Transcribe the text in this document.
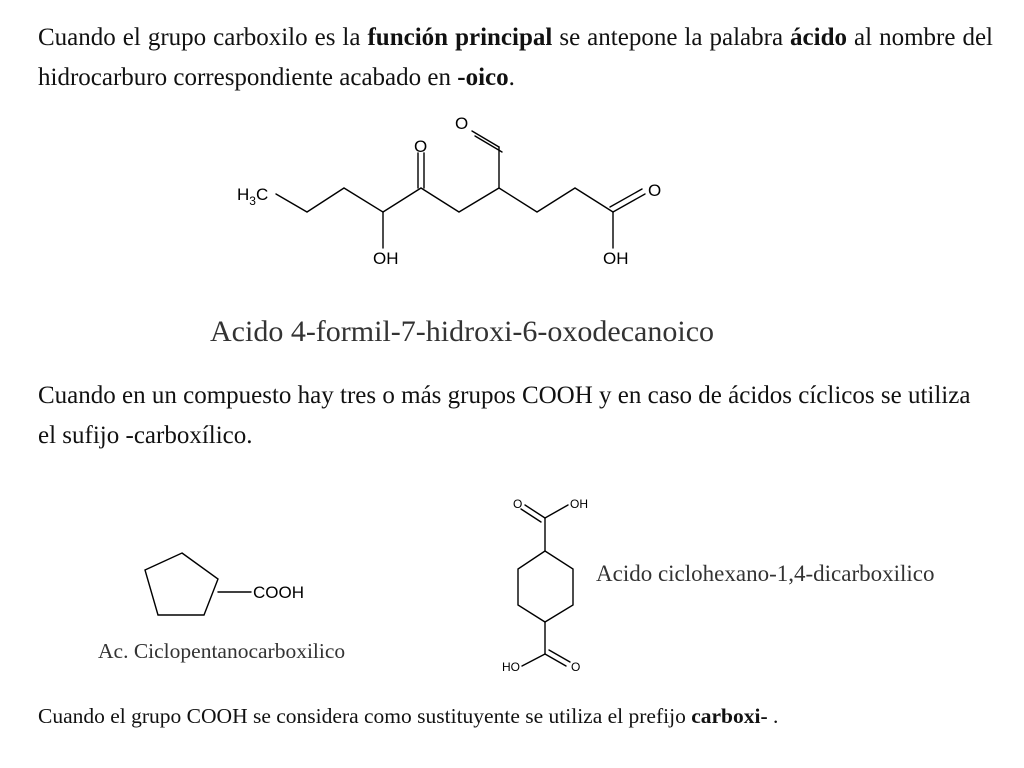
Cuando el grupo carboxilo es la función principal se antepone la palabra ácido al nombre del hidrocarburo correspondiente acabado en -oico.

$H_3C$
O
O
O
OH	OH

Acido 4-formil-7-hidroxi-6-oxodecanoico

Cuando en un compuesto hay tres o más grupos COOH y en caso de ácidos cíclicos se utiliza el sufijo -carboxílico.

COOH

Ac. Ciclopentanocarboxilico

O	OH
HO	O

Acido ciclohexano-1,4-dicarboxilico

Cuando el grupo COOH se considera como sustituyente se utiliza el prefijo carboxi- .
